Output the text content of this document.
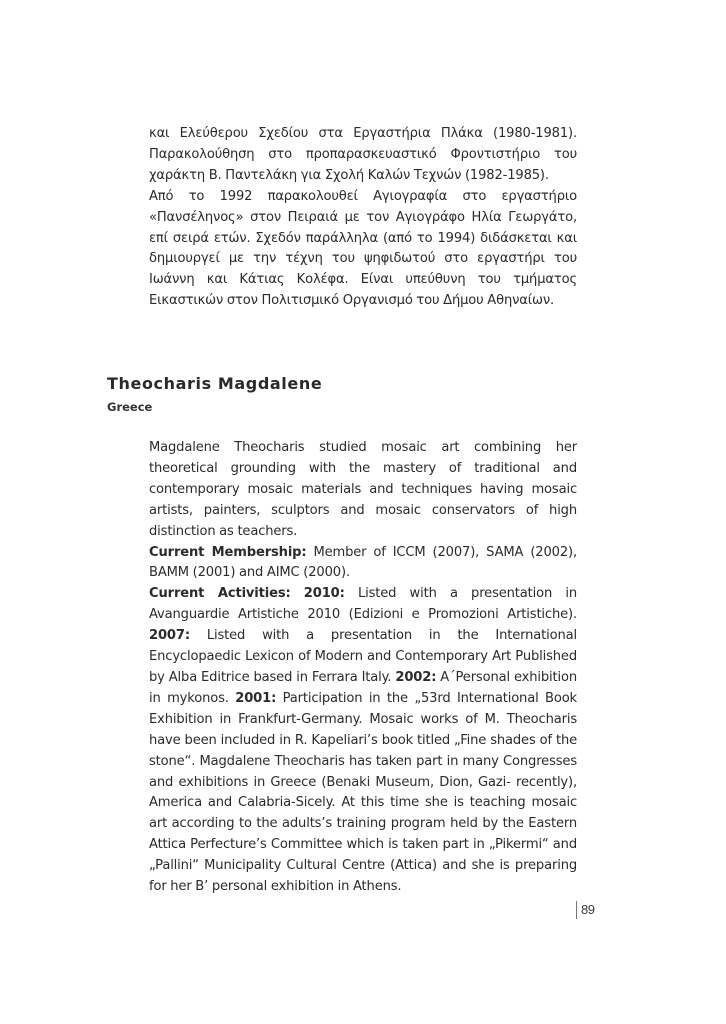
και Ελεύθερου Σχεδίου στα Εργαστήρια Πλάκα (1980-1981). Παρακολούθηση στο προπαρασκευαστικό Φροντιστήριο του χαράκτη Β. Παντελάκη για Σχολή Καλών Τεχνών (1982-1985).

Από το 1992 παρακολουθεί Αγιογραφία στο εργαστήριο «Πανσέληνος» στον Πειραιά με τον Αγιογράφο Ηλία Γεωργάτο, επί σειρά ετών. Σχεδόν παράλληλα (από το 1994) διδάσκεται και δημιουργεί με την τέχνη του ψηφιδωτού στο εργαστήρι του Ιωάννη και Κάτιας Κολέφα. Είναι υπεύθυνη του τμήματος Εικαστικών στον Πολιτισμικό Οργανισμό του Δήμου Αθηναίων.

Theocharis Magdalene
Greece

Magdalene Theocharis studied mosaic art combining her theoretical grounding with the mastery of traditional and contemporary mosaic materials and techniques having mosaic artists, painters, sculptors and mosaic conservators of high distinction as teachers.

Current Membership: Member of ICCM (2007), SAMA (2002), BAMM (2001) and AIMC (2000).

Current Activities: 2010: Listed with a presentation in Avanguardie Artistiche 2010 (Edizioni e Promozioni Artistiche). 2007: Listed with a presentation in the International Encyclopaedic Lexicon of Modern and Contemporary Art Published by Alba Editrice based in Ferrara Italy. 2002: A΄Personal exhibition in mykonos. 2001: Participation in the „53rd International Book Exhibition in Frankfurt-Germany. Mosaic works of M. Theocharis have been included in R. Kapeliari’s book titled „Fine shades of the stone“. Magdalene Theocharis has taken part in many Congresses and exhibitions in Greece (Benaki Museum, Dion, Gazi- recently), America and Calabria-Sicely. At this time she is teaching mosaic art according to the adults’s training program held by the Eastern Attica Perfecture’s Committee which is taken part in „Pikermi“ and „Pallini“ Municipality Cultural Centre (Attica) and she is preparing for her B’ personal exhibition in Athens.

89
